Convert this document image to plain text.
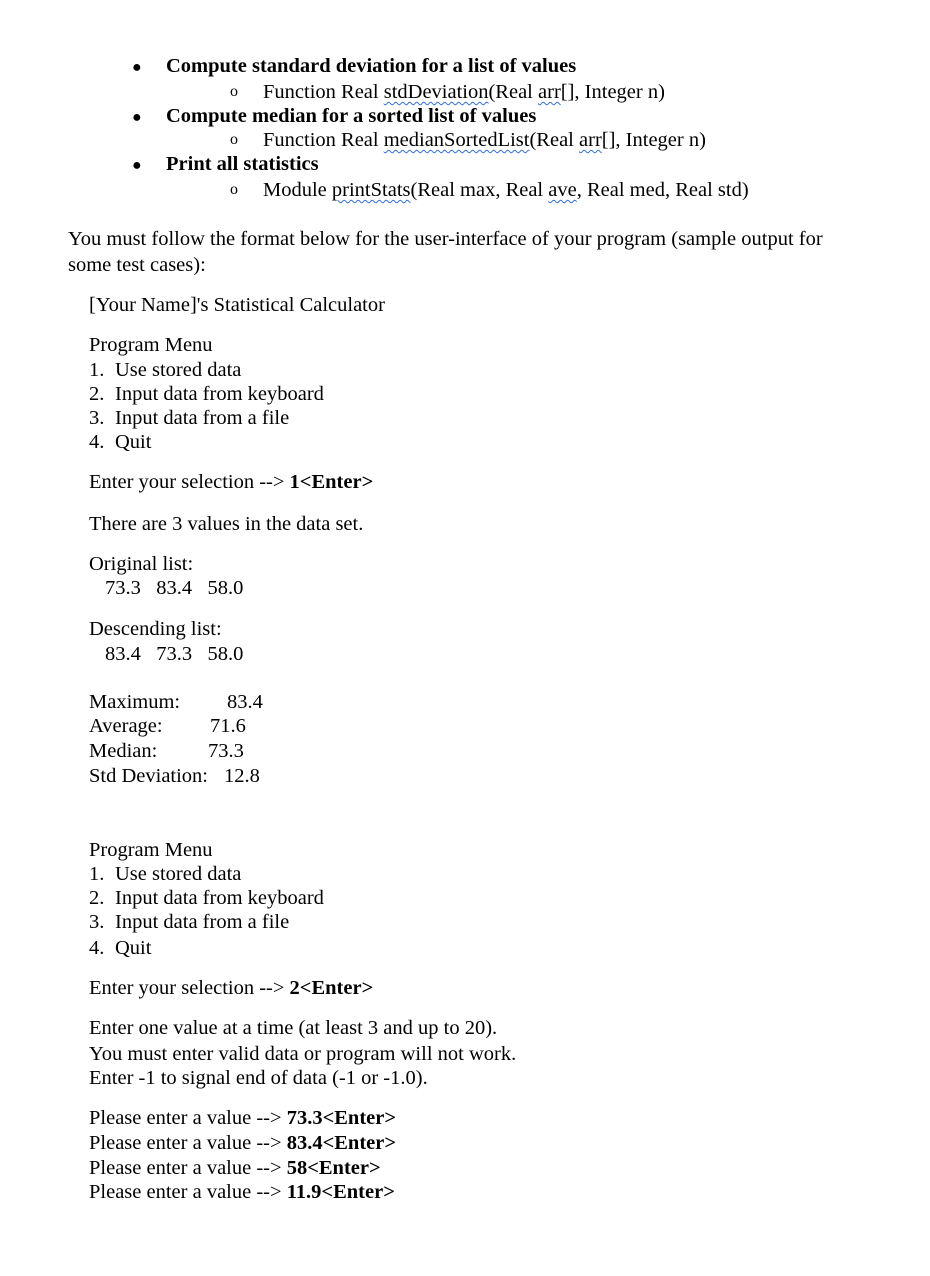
● Compute standard deviation for a list of values
o Function Real stdDeviation(Real arr[], Integer n)
● Compute median for a sorted list of values
o Function Real medianSortedList(Real arr[], Integer n)
● Print all statistics
o Module printStats(Real max, Real ave, Real med, Real std)
You must follow the format below for the user-interface of your program (sample output for
some test cases):
[Your Name]'s Statistical Calculator
Program Menu
1. Use stored data
2. Input data from keyboard
3. Input data from a file
4. Quit
Enter your selection --> 1<Enter>
There are 3 values in the data set.
Original list:
73.3   83.4   58.0
Descending list:
83.4   73.3   58.0
Maximum: 83.4
Average: 71.6
Median: 73.3
Std Deviation: 12.8
Program Menu
1. Use stored data
2. Input data from keyboard
3. Input data from a file
4. Quit
Enter your selection --> 2<Enter>
Enter one value at a time (at least 3 and up to 20).
You must enter valid data or program will not work.
Enter -1 to signal end of data (-1 or -1.0).
Please enter a value --> 73.3<Enter>
Please enter a value --> 83.4<Enter>
Please enter a value --> 58<Enter>
Please enter a value --> 11.9<Enter>
